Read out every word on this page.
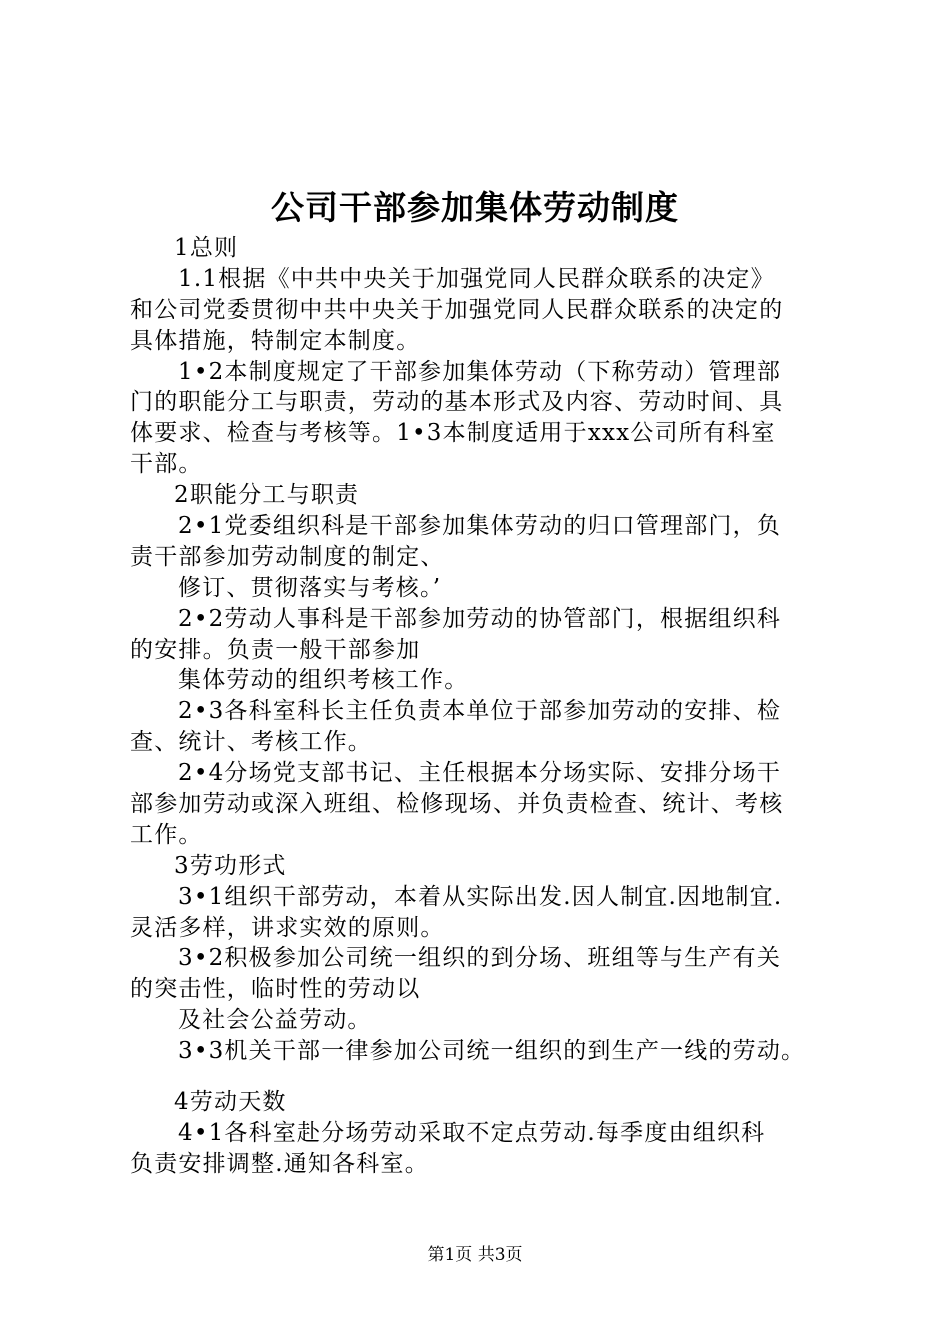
公司干部参加集体劳动制度
1总则
1.1根据《中共中央关于加强党同人民群众联系的决定》
和公司党委贯彻中共中央关于加强党同人民群众联系的决定的
具体措施，特制定本制度。
1•2本制度规定了干部参加集体劳动（下称劳动）管理部
门的职能分工与职责，劳动的基本形式及内容、劳动时间、具
体要求、检查与考核等。1•3本制度适用于xxx公司所有科室
干部。
2职能分工与职责
2•1党委组织科是干部参加集体劳动的归口管理部门，负
责干部参加劳动制度的制定、
修订、贯彻落实与考核。’
2•2劳动人事科是干部参加劳动的协管部门，根据组织科
的安排。负责一般干部参加
集体劳动的组织考核工作。
2•3各科室科长主任负责本单位于部参加劳动的安排、检
查、统计、考核工作。
2•4分场党支部书记、主任根据本分场实际、安排分场干
部参加劳动或深入班组、检修现场、并负责检查、统计、考核
工作。
3劳功形式
3•1组织干部劳动，本着从实际出发.因人制宜.因地制宜.
灵活多样，讲求实效的原则。
3•2积极参加公司统一组织的到分场、班组等与生产有关
的突击性，临时性的劳动以
及社会公益劳动。
3•3机关干部一律参加公司统一组织的到生产一线的劳动。
4劳动天数
4•1各科室赴分场劳动采取不定点劳动.每季度由组织科
负责安排调整.通知各科室。
第1页 共3页
